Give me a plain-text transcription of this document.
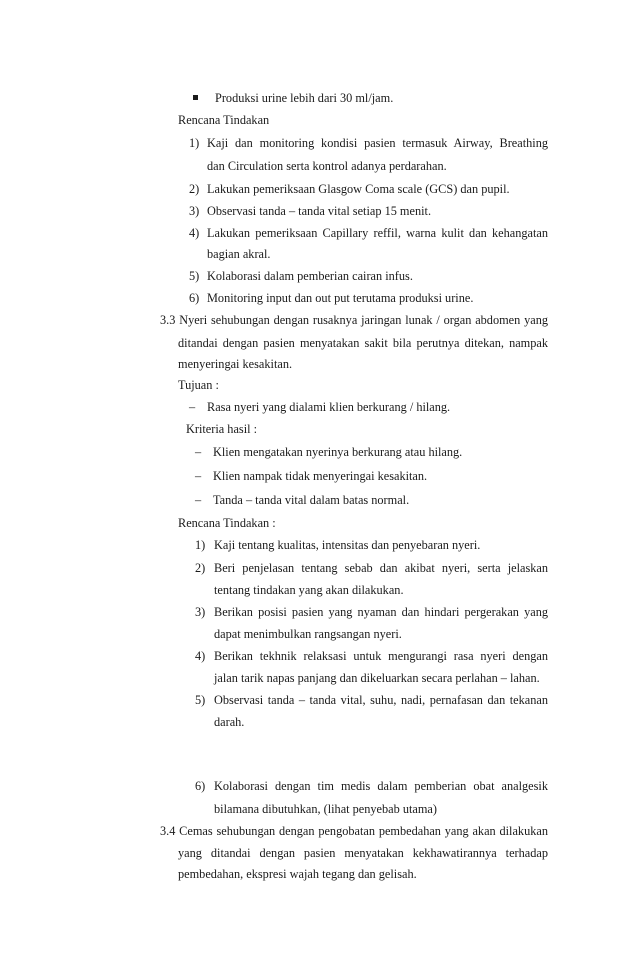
Produksi urine lebih dari 30 ml/jam.
Rencana Tindakan
1) Kaji dan monitoring kondisi pasien termasuk Airway, Breathing
dan Circulation serta kontrol adanya perdarahan.
2) Lakukan pemeriksaan Glasgow Coma scale (GCS) dan pupil.
3) Observasi tanda – tanda vital setiap 15 menit.
4) Lakukan pemeriksaan Capillary reffil, warna kulit dan kehangatan
bagian akral.
5) Kolaborasi dalam pemberian cairan infus.
6) Monitoring input dan out put terutama produksi urine.
3.3 Nyeri sehubungan dengan rusaknya jaringan lunak / organ abdomen yang
ditandai dengan pasien menyatakan sakit bila perutnya ditekan, nampak
menyeringai kesakitan.
Tujuan :
– Rasa nyeri yang dialami klien berkurang / hilang.
Kriteria hasil :
– Klien mengatakan nyerinya berkurang atau hilang.
– Klien nampak tidak menyeringai kesakitan.
– Tanda – tanda vital dalam batas normal.
Rencana Tindakan :
1) Kaji tentang kualitas, intensitas dan penyebaran nyeri.
2) Beri penjelasan tentang sebab dan akibat nyeri, serta jelaskan
tentang tindakan yang akan dilakukan.
3) Berikan posisi pasien yang nyaman dan hindari pergerakan yang
dapat menimbulkan rangsangan nyeri.
4) Berikan tekhnik relaksasi untuk mengurangi rasa nyeri dengan
jalan tarik napas panjang dan dikeluarkan secara perlahan – lahan.
5) Observasi tanda – tanda vital, suhu, nadi, pernafasan dan tekanan
darah.
6) Kolaborasi dengan tim medis dalam pemberian obat analgesik
bilamana dibutuhkan, (lihat penyebab utama)
3.4 Cemas sehubungan dengan pengobatan pembedahan yang akan dilakukan
yang ditandai dengan pasien menyatakan kekhawatirannya terhadap
pembedahan, ekspresi wajah tegang dan gelisah.
